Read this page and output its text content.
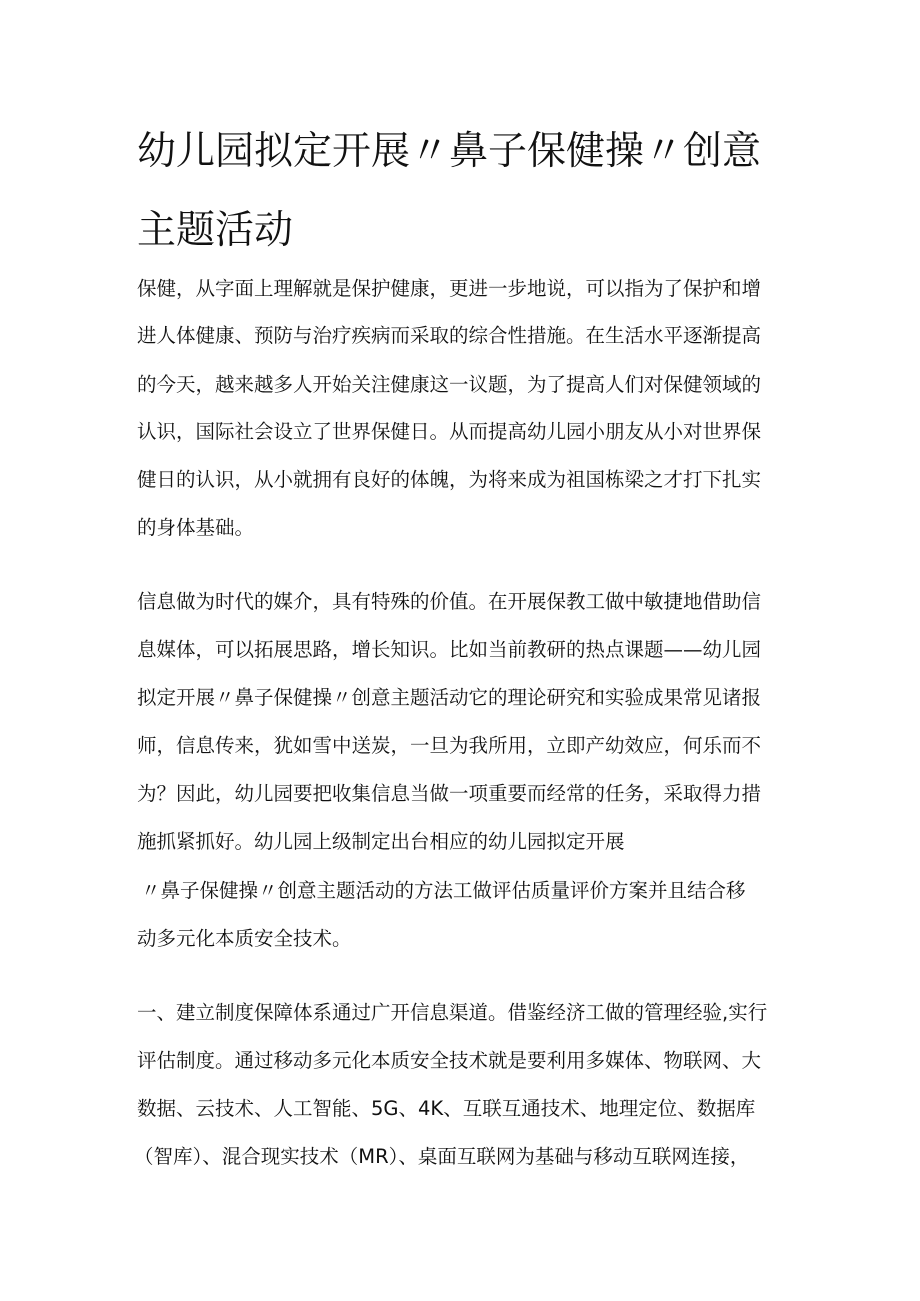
幼儿园拟定开展〃鼻子保健操〃创意
主题活动
保健，从字面上理解就是保护健康，更进一步地说，可以指为了保护和增
进人体健康、预防与治疗疾病而采取的综合性措施。在生活水平逐渐提高
的今天，越来越多人开始关注健康这一议题，为了提高人们对保健领域的
认识，国际社会设立了世界保健日。从而提高幼儿园小朋友从小对世界保
健日的认识，从小就拥有良好的体魄，为将来成为祖国栋梁之才打下扎实
的身体基础。
信息做为时代的媒介，具有特殊的价值。在开展保教工做中敏捷地借助信
息媒体，可以拓展思路，增长知识。比如当前教研的热点课题——幼儿园
拟定开展〃鼻子保健操〃创意主题活动它的理论研究和实验成果常见诸报
师，信息传来，犹如雪中送炭，一旦为我所用，立即产幼效应，何乐而不
为？因此，幼儿园要把收集信息当做一项重要而经常的任务，采取得力措
施抓紧抓好。幼儿园上级制定出台相应的幼儿园拟定开展
〃鼻子保健操〃创意主题活动的方法工做评估质量评价方案并且结合移
动多元化本质安全技术。
一、建立制度保障体系通过广开信息渠道。借鉴经济工做的管理经验,实行
评估制度。通过移动多元化本质安全技术就是要利用多媒体、物联网、大
数据、云技术、人工智能、5G、4K、互联互通技术、地理定位、数据库
（智库）、混合现实技术（MR）、桌面互联网为基础与移动互联网连接，
